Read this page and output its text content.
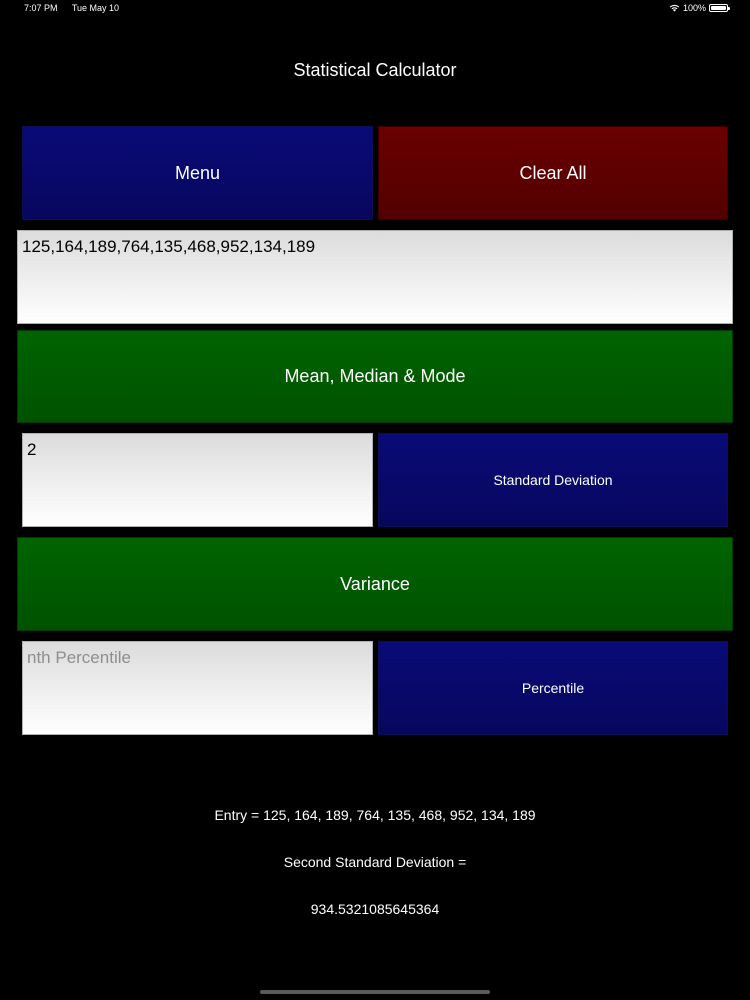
7:07 PM Tue May 10	100%
Statistical Calculator
Menu	Clear All
125,164,189,764,135,468,952,134,189
Mean, Median & Mode
2
Standard Deviation
Variance
nth Percentile
Percentile
Entry = 125, 164, 189, 764, 135, 468, 952, 134, 189
Second Standard Deviation =
934.5321085645364
